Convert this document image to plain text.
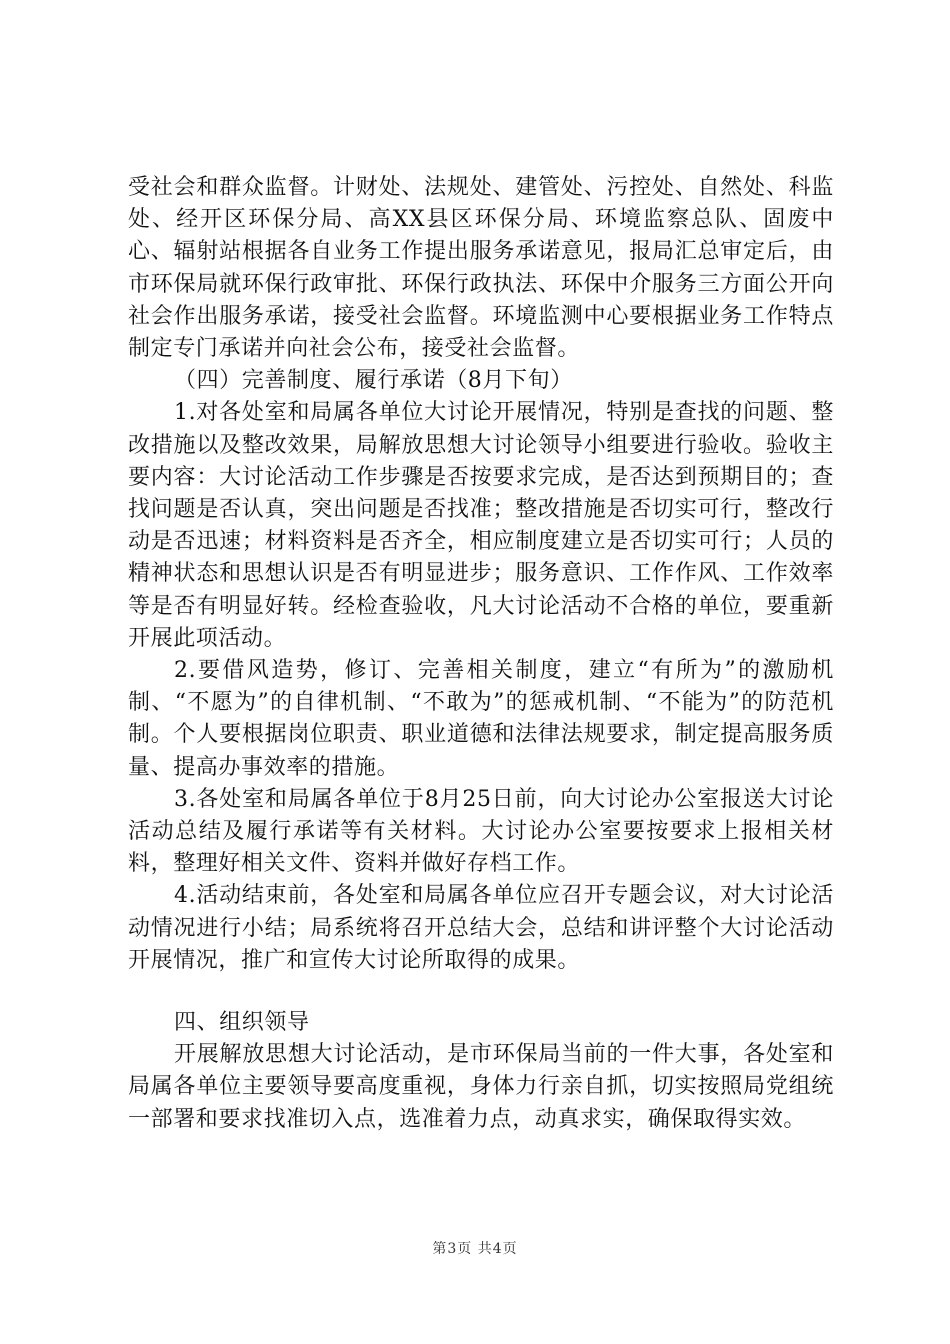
受社会和群众监督。计财处、法规处、建管处、污控处、自然处、科监处、经开区环保分局、高XX县区环保分局、环境监察总队、固废中心、辐射站根据各自业务工作提出服务承诺意见，报局汇总审定后，由市环保局就环保行政审批、环保行政执法、环保中介服务三方面公开向社会作出服务承诺，接受社会监督。环境监测中心要根据业务工作特点制定专门承诺并向社会公布，接受社会监督。

（四）完善制度、履行承诺（8月下旬）

1.对各处室和局属各单位大讨论开展情况，特别是查找的问题、整改措施以及整改效果，局解放思想大讨论领导小组要进行验收。验收主要内容：大讨论活动工作步骤是否按要求完成，是否达到预期目的；查找问题是否认真，突出问题是否找准；整改措施是否切实可行，整改行动是否迅速；材料资料是否齐全，相应制度建立是否切实可行；人员的精神状态和思想认识是否有明显进步；服务意识、工作作风、工作效率等是否有明显好转。经检查验收，凡大讨论活动不合格的单位，要重新开展此项活动。

2.要借风造势，修订、完善相关制度，建立“有所为”的激励机制、“不愿为”的自律机制、“不敢为”的惩戒机制、“不能为”的防范机制。个人要根据岗位职责、职业道德和法律法规要求，制定提高服务质量、提高办事效率的措施。

3.各处室和局属各单位于8月25日前，向大讨论办公室报送大讨论活动总结及履行承诺等有关材料。大讨论办公室要按要求上报相关材料，整理好相关文件、资料并做好存档工作。

4.活动结束前，各处室和局属各单位应召开专题会议，对大讨论活动情况进行小结；局系统将召开总结大会，总结和讲评整个大讨论活动开展情况，推广和宣传大讨论所取得的成果。

四、组织领导

开展解放思想大讨论活动，是市环保局当前的一件大事，各处室和局属各单位主要领导要高度重视，身体力行亲自抓，切实按照局党组统一部署和要求找准切入点，选准着力点，动真求实，确保取得实效。

第3页 共4页
